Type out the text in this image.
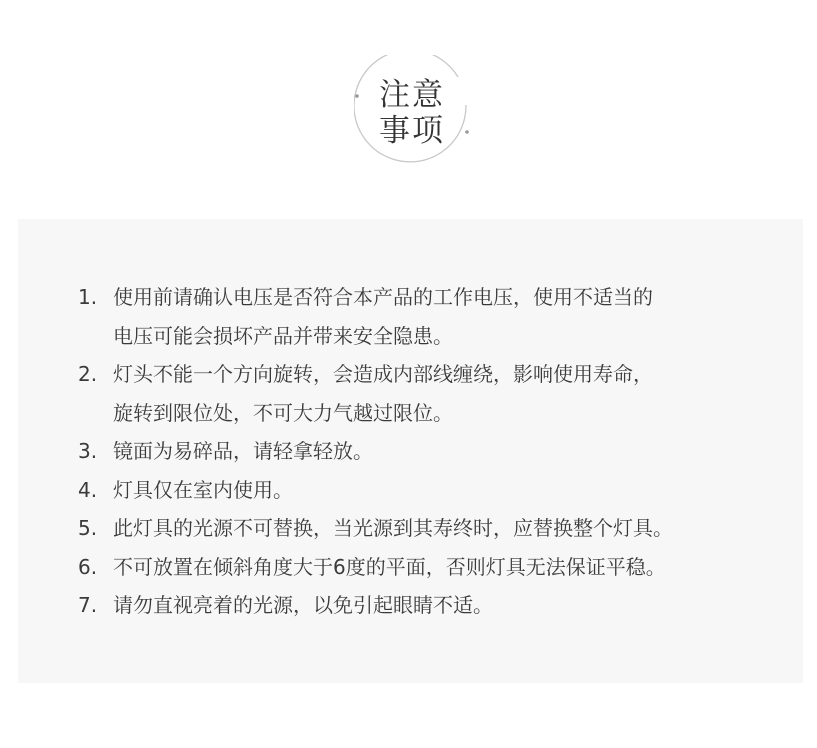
注意
事项
1. 使用前请确认电压是否符合本产品的工作电压，使用不适当的
电压可能会损坏产品并带来安全隐患。
2. 灯头不能一个方向旋转，会造成内部线缠绕，影响使用寿命，
旋转到限位处，不可大力气越过限位。
3. 镜面为易碎品，请轻拿轻放。
4. 灯具仅在室内使用。
5. 此灯具的光源不可替换，当光源到其寿终时，应替换整个灯具。
6. 不可放置在倾斜角度大于6度的平面，否则灯具无法保证平稳。
7. 请勿直视亮着的光源，以免引起眼睛不适。
